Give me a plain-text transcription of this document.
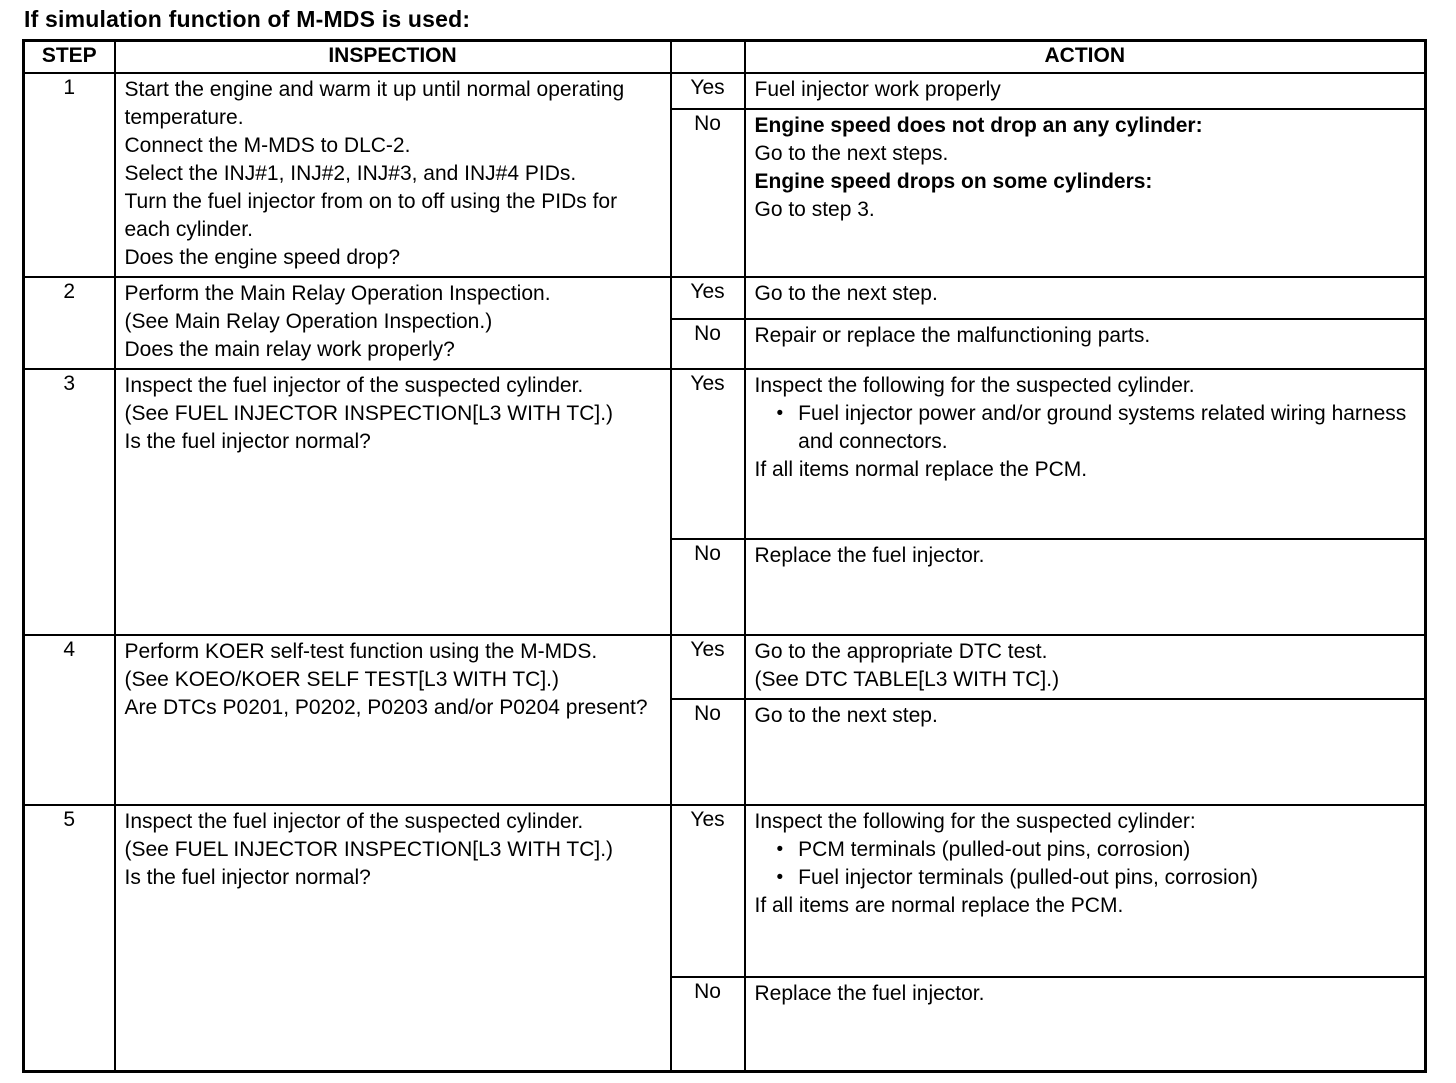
If simulation function of M-MDS is used:
STEP	INSPECTION		ACTION
1	Start the engine and warm it up until normal operating temperature.
Connect the M-MDS to DLC-2.
Select the INJ#1, INJ#2, INJ#3, and INJ#4 PIDs.
Turn the fuel injector from on to off using the PIDs for each cylinder.
Does the engine speed drop?	Yes	Fuel injector work properly

		No	Engine speed does not drop an any cylinder:
Go to the next steps.
Engine speed drops on some cylinders:
Go to step 3.

2	Perform the Main Relay Operation Inspection.
(See Main Relay Operation Inspection.)
Does the main relay work properly?	Yes	Go to the next step.

		No	Repair or replace the malfunctioning parts.

3	Inspect the fuel injector of the suspected cylinder.
(See FUEL INJECTOR INSPECTION[L3 WITH TC].)
Is the fuel injector normal?
	Yes	Inspect the following for the suspected cylinder.
• Fuel injector power and/or ground systems related wiring harness and connectors.
If all items normal replace the PCM.

		No	Replace the fuel injector.

4	Perform KOER self-test function using the M-MDS.
(See KOEO/KOER SELF TEST[L3 WITH TC].)
Are DTCs P0201, P0202, P0203 and/or P0204 present?
	Yes	Go to the appropriate DTC test.
(See DTC TABLE[L3 WITH TC].)

		No	Go to the next step.

5	Inspect the fuel injector of the suspected cylinder.
(See FUEL INJECTOR INSPECTION[L3 WITH TC].)
Is the fuel injector normal?
	Yes	Inspect the following for the suspected cylinder:
• PCM terminals (pulled-out pins, corrosion)
• Fuel injector terminals (pulled-out pins, corrosion)
If all items are normal replace the PCM.

		No	Replace the fuel injector.
